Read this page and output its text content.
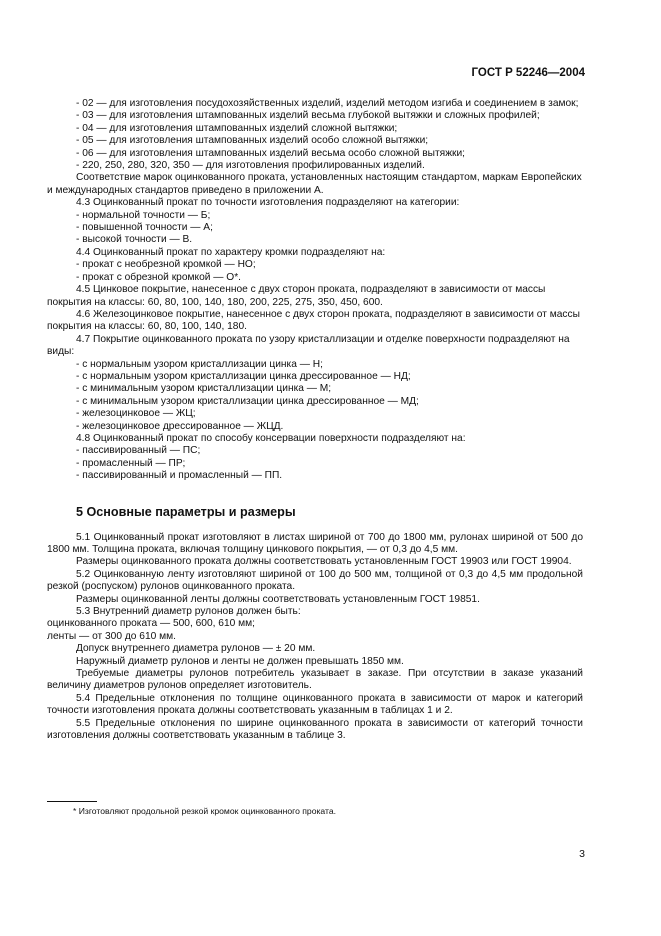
ГОСТ Р 52246—2004

- 02 — для изготовления посудохозяйственных изделий, изделий методом изгиба и соединением в замок;

- 03 — для изготовления штампованных изделий весьма глубокой вытяжки и сложных профилей;

- 04 — для изготовления штампованных изделий сложной вытяжки;

- 05 — для изготовления штампованных изделий особо сложной вытяжки;

- 06 — для изготовления штампованных изделий весьма особо сложной вытяжки;

- 220, 250, 280, 320, 350 — для изготовления профилированных изделий.

Соответствие марок оцинкованного проката, установленных настоящим стандартом, маркам Европейских и международных стандартов приведено в приложении А.

4.3 Оцинкованный прокат по точности изготовления подразделяют на категории:

- нормальной точности — Б;

- повышенной точности — А;

- высокой точности — В.

4.4 Оцинкованный прокат по характеру кромки подразделяют на:

- прокат с необрезной кромкой — НО;

- прокат с обрезной кромкой — О*.

4.5 Цинковое покрытие, нанесенное с двух сторон проката, подразделяют в зависимости от массы покрытия на классы: 60, 80, 100, 140, 180, 200, 225, 275, 350, 450, 600.

4.6 Железоцинковое покрытие, нанесенное с двух сторон проката, подразделяют в зависимости от массы покрытия на классы: 60, 80, 100, 140, 180.

4.7 Покрытие оцинкованного проката по узору кристаллизации и отделке поверхности подразделяют на виды:

- с нормальным узором кристаллизации цинка — Н;

- с нормальным узором кристаллизации цинка дрессированное — НД;

- с минимальным узором кристаллизации цинка — М;

- с минимальным узором кристаллизации цинка дрессированное — МД;

- железоцинковое — ЖЦ;

- железоцинковое дрессированное — ЖЦД.

4.8 Оцинкованный прокат по способу консервации поверхности подразделяют на:

- пассивированный — ПС;

- промасленный — ПР;

- пассивированный и промасленный — ПП.

5 Основные параметры и размеры

5.1 Оцинкованный прокат изготовляют в листах шириной от 700 до 1800 мм, рулонах шириной от 500 до 1800 мм. Толщина проката, включая толщину цинкового покрытия, — от 0,3 до 4,5 мм.

Размеры оцинкованного проката должны соответствовать установленным ГОСТ 19903 или ГОСТ 19904.

5.2 Оцинкованную ленту изготовляют шириной от 100 до 500 мм, толщиной от 0,3 до 4,5 мм продольной резкой (роспуском) рулонов оцинкованного проката.

Размеры оцинкованной ленты должны соответствовать установленным ГОСТ 19851.

5.3 Внутренний диаметр рулонов должен быть:

оцинкованного проката — 500, 600, 610 мм;

ленты — от 300 до 610 мм.

Допуск внутреннего диаметра рулонов — ± 20 мм.

Наружный диаметр рулонов и ленты не должен превышать 1850 мм.

Требуемые диаметры рулонов потребитель указывает в заказе. При отсутствии в заказе указаний величину диаметров рулонов определяет изготовитель.

5.4 Предельные отклонения по толщине оцинкованного проката в зависимости от марок и категорий точности изготовления проката должны соответствовать указанным в таблицах 1 и 2.

5.5 Предельные отклонения по ширине оцинкованного проката в зависимости от категорий точности изготовления должны соответствовать указанным в таблице 3.

* Изготовляют продольной резкой кромок оцинкованного проката.
3
